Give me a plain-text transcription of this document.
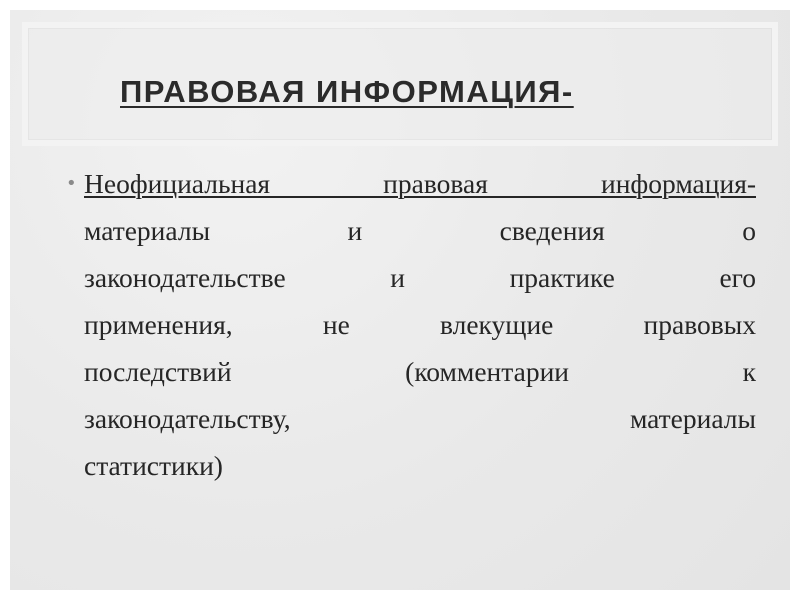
ПРАВОВАЯ ИНФОРМАЦИЯ-
• Неофициальная правовая информация-
материалы и сведения о
законодательстве и практике его
применения, не влекущие правовых
последствий (комментарии к
законодательству, материалы
статистики)
